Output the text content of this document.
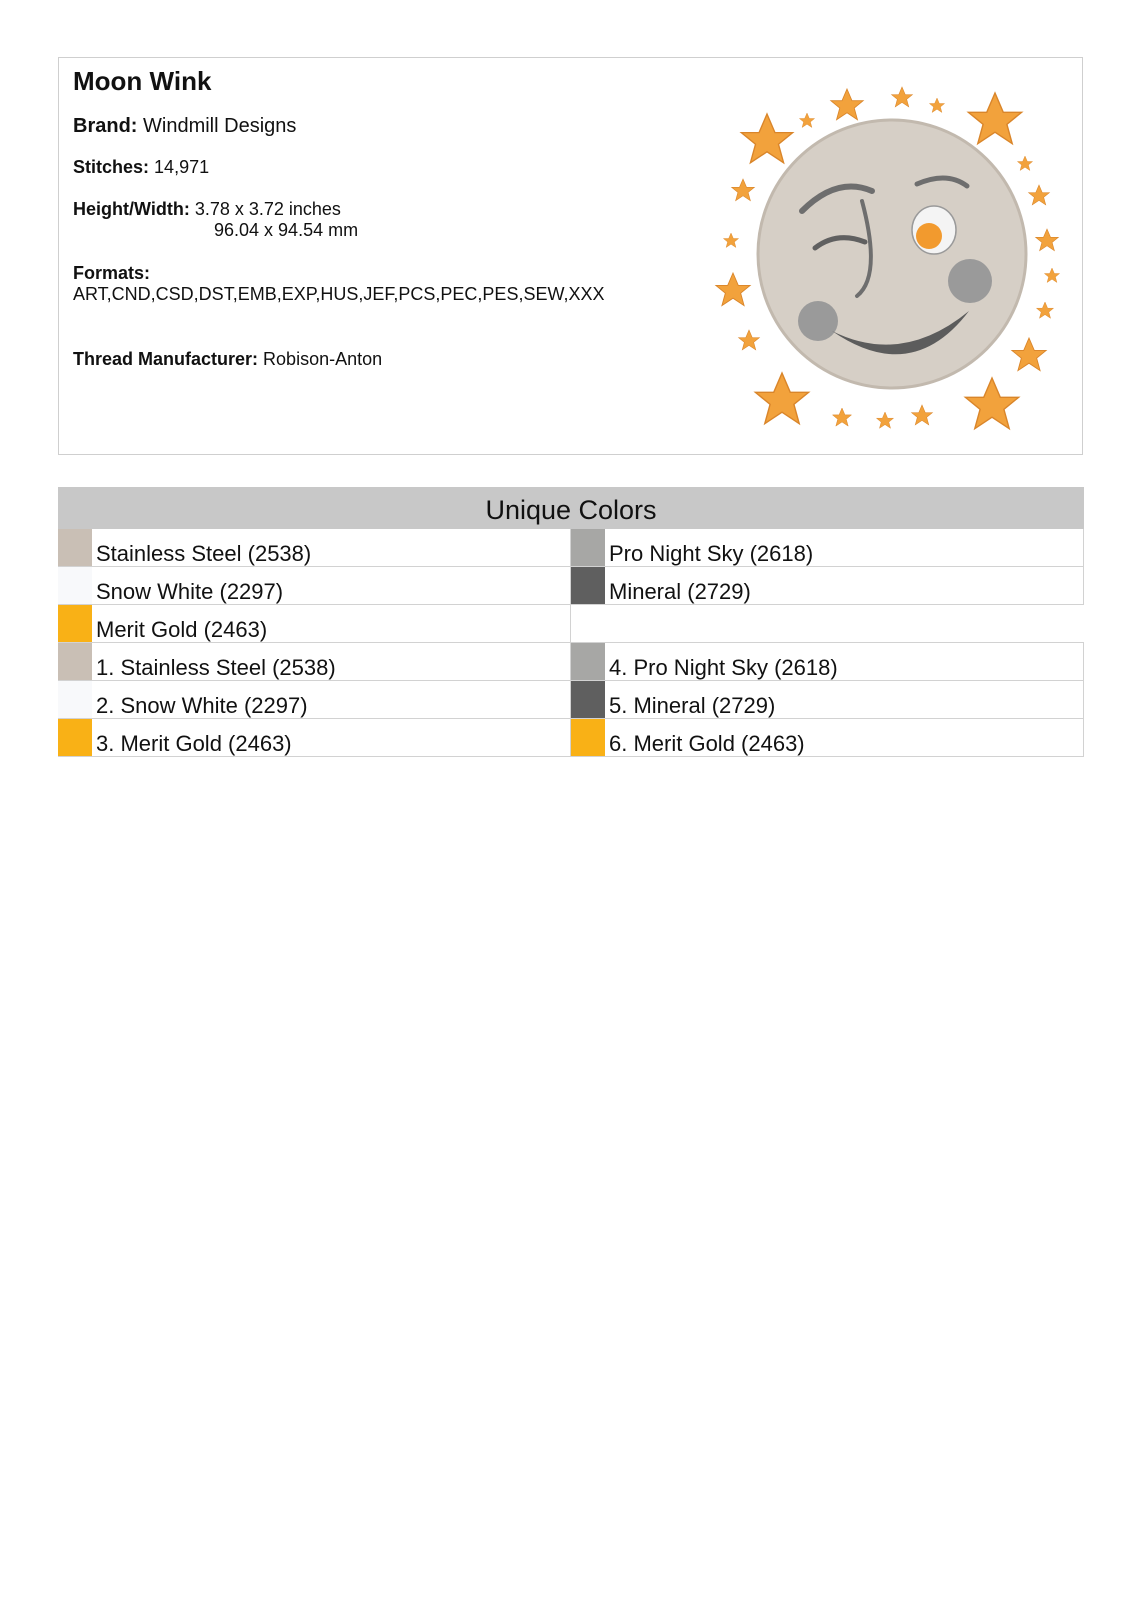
Moon Wink
Brand: Windmill Designs
Stitches: 14,971
Height/Width: 3.78 x 3.72 inches
96.04 x 94.54 mm
Formats:
ART,CND,CSD,DST,EMB,EXP,HUS,JEF,PCS,PEC,PES,SEW,XXX
Thread Manufacturer: Robison-Anton
Unique Colors
Stainless Steel (2538)	Pro Night Sky (2618)
Snow White (2297)	Mineral (2729)
Merit Gold (2463)
1. Stainless Steel (2538)	4. Pro Night Sky (2618)
2. Snow White (2297)	5. Mineral (2729)
3. Merit Gold (2463)	6. Merit Gold (2463)
